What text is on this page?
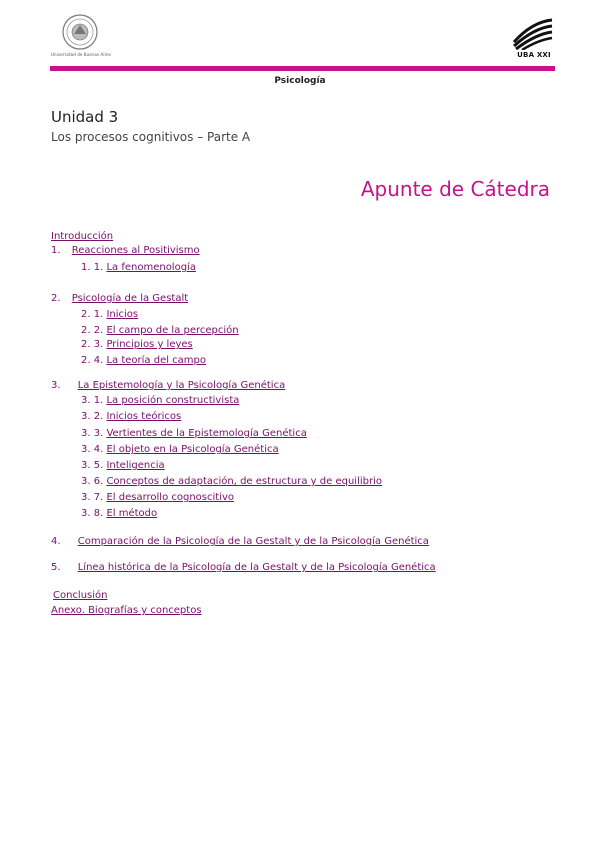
Universidad de Buenos Aires	UBA XXI
Psicología
Unidad 3
Los procesos cognitivos – Parte A
Apunte de Cátedra
Introducción
1. Reacciones al Positivismo
1. 1. La fenomenología
2. Psicología de la Gestalt
2. 1. Inicios
2. 2. El campo de la percepción
2. 3. Principios y leyes
2. 4. La teoría del campo
3. La Epistemología y la Psicología Genética
3. 1. La posición constructivista
3. 2. Inicios teóricos
3. 3. Vertientes de la Epistemología Genética
3. 4. El objeto en la Psicología Genética
3. 5. Inteligencia
3. 6. Conceptos de adaptación, de estructura y de equilibrio
3. 7. El desarrollo cognoscitivo
3. 8. El método
4. Comparación de la Psicología de la Gestalt y de la Psicología Genética
5. Línea histórica de la Psicología de la Gestalt y de la Psicología Genética
Conclusión
Anexo. Biografías y conceptos
